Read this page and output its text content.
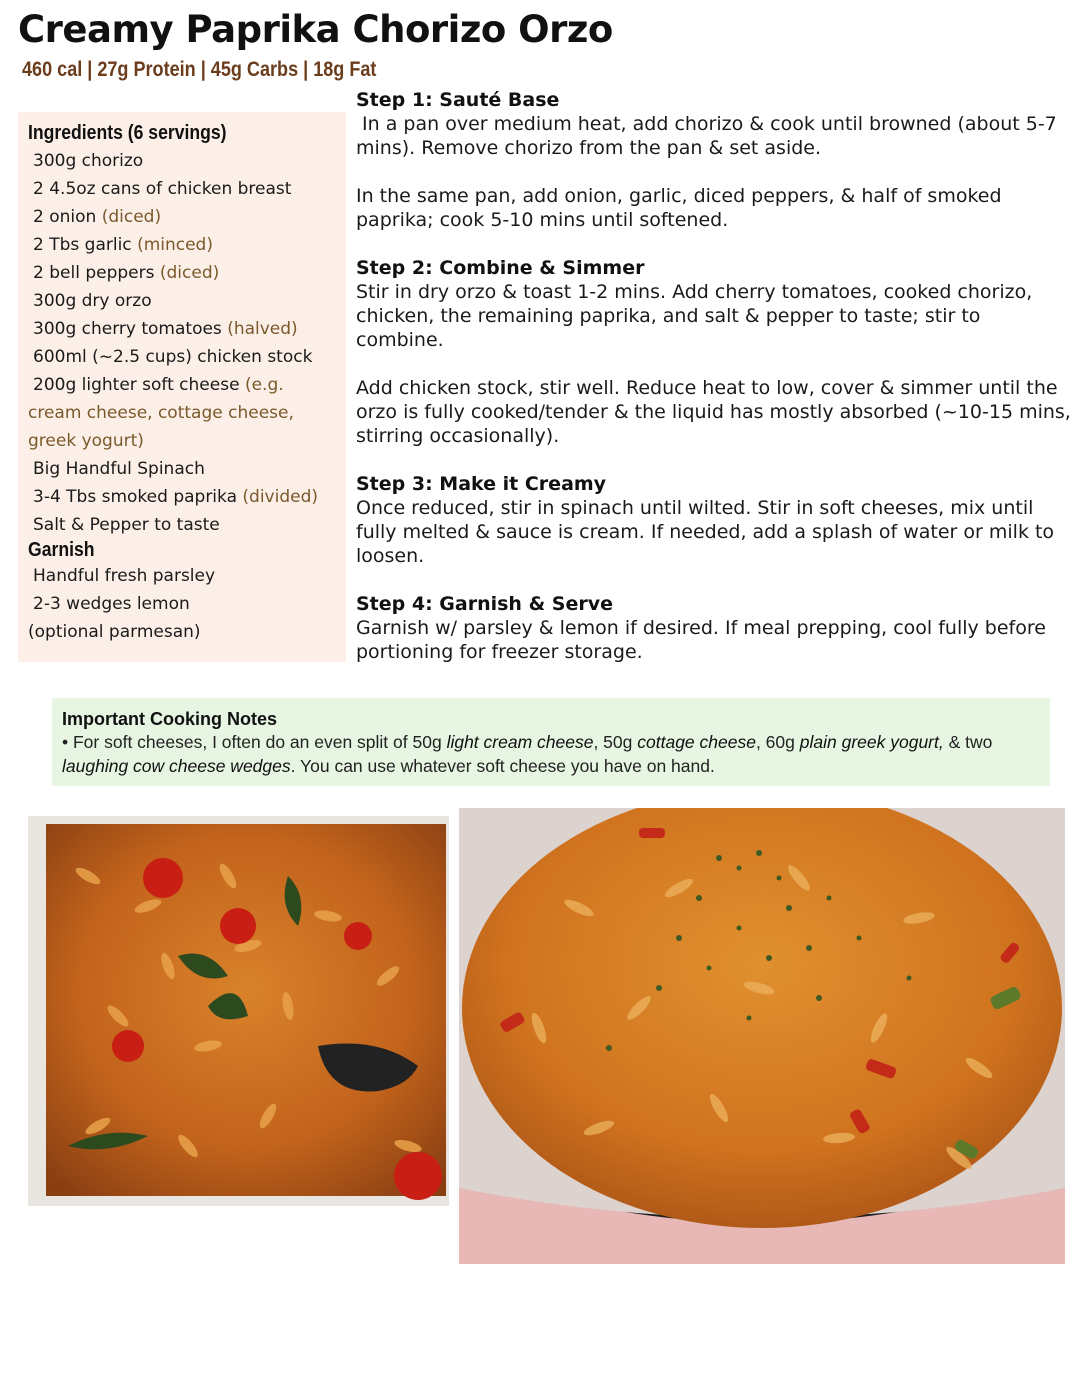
Creamy Paprika Chorizo Orzo
460 cal | 27g Protein | 45g Carbs | 18g Fat
Ingredients (6 servings)
300g chorizo
2 4.5oz cans of chicken breast
2 onion (diced)
2 Tbs garlic (minced)
2 bell peppers (diced)
300g dry orzo
300g cherry tomatoes (halved)
600ml (~2.5 cups) chicken stock
200g lighter soft cheese (e.g.
cream cheese, cottage cheese,
greek yogurt)
Big Handful Spinach
3-4 Tbs smoked paprika (divided)
Salt & Pepper to taste
Garnish
Handful fresh parsley
2-3 wedges lemon
(optional parmesan)
Step 1: Sauté Base

In a pan over medium heat, add chorizo & cook until browned (about 5-7 mins). Remove chorizo from the pan & set aside.

In the same pan, add onion, garlic, diced peppers, & half of smoked paprika; cook 5-10 mins until softened.

Step 2: Combine & Simmer

Stir in dry orzo & toast 1-2 mins. Add cherry tomatoes, cooked chorizo, chicken, the remaining paprika, and salt & pepper to taste; stir to combine.

Add chicken stock, stir well. Reduce heat to low, cover & simmer until the orzo is fully cooked/tender & the liquid has mostly absorbed (~10-15 mins, stirring occasionally).

Step 3: Make it Creamy

Once reduced, stir in spinach until wilted. Stir in soft cheeses, mix until fully melted & sauce is cream. If needed, add a splash of water or milk to loosen.

Step 4: Garnish & Serve

Garnish w/ parsley & lemon if desired. If meal prepping, cool fully before portioning for freezer storage.

Important Cooking Notes
• For soft cheeses, I often do an even split of 50g light cream cheese, 50g cottage cheese, 60g plain greek yogurt, & two laughing cow cheese wedges. You can use whatever soft cheese you have on hand.
